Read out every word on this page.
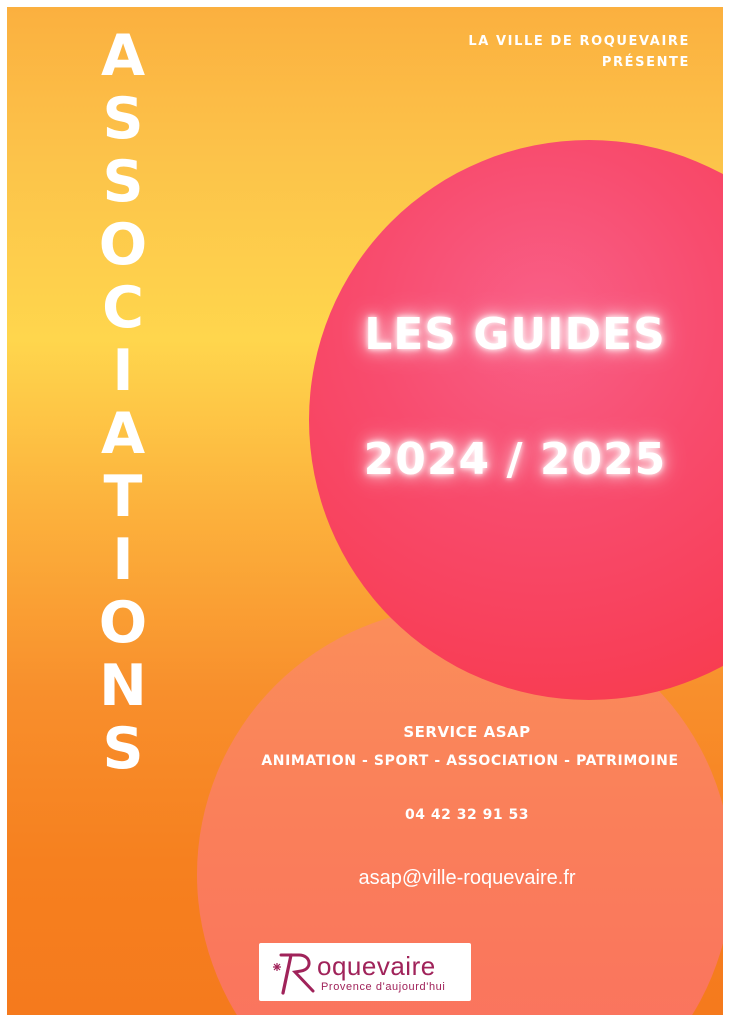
A
S
S
O
C
I
A
T
I
O
N
S
LA VILLE DE ROQUEVAIRE
PRÉSENTE
LES GUIDES
2024 / 2025
SERVICE ASAP
ANIMATION - SPORT - ASSOCIATION - PATRIMOINE
04 42 32 91 53
asap@ville-roquevaire.fr
oquevaire
Provence d'aujourd'hui
